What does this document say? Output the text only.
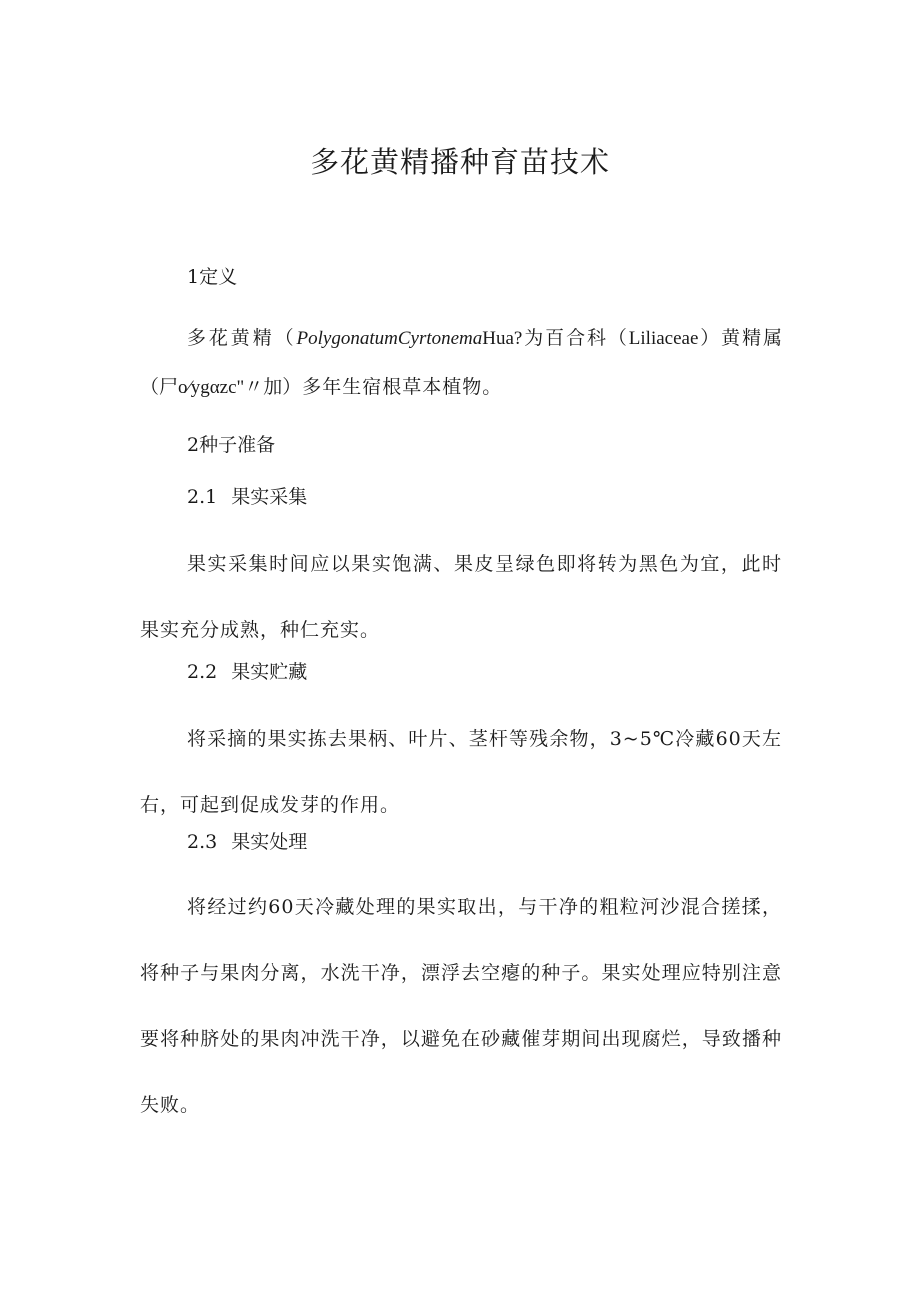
多花黄精播种育苗技术
1定义

多花黄精（PolygonatumCyrtonemaHua?为百合科（Liliaceae）黄精属（尸o∕ygαzc"〃加）多年生宿根草本植物。

2种子准备
2.1 果实采集

果实采集时间应以果实饱满、果皮呈绿色即将转为黑色为宜，此时果实充分成熟，种仁充实。

2.2 果实贮藏

将采摘的果实拣去果柄、叶片、茎杆等残余物，3~5℃冷藏60天左右，可起到促成发芽的作用。

2.3 果实处理

将经过约60天冷藏处理的果实取出，与干净的粗粒河沙混合搓揉，将种子与果肉分离，水洗干净，漂浮去空瘪的种子。果实处理应特别注意要将种脐处的果肉冲洗干净，以避免在砂藏催芽期间出现腐烂，导致播种失败。
